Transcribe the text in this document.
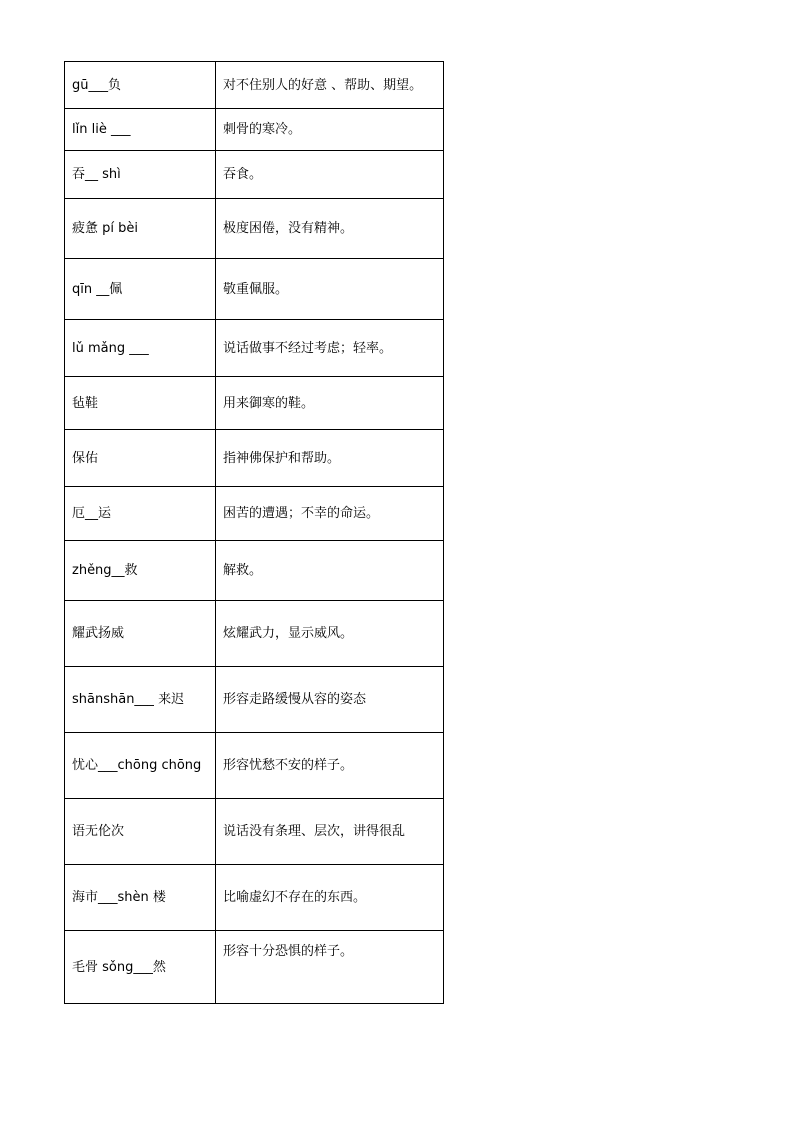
gū___负	对不住别人的好意 、帮助、期望。
lǐn liè ___	刺骨的寒冷。
吞__ shì	吞食。
疲惫 pí bèi	极度困倦，没有精神。
qīn __佩	敬重佩服。
lǔ mǎng ___	说话做事不经过考虑；轻率。
毡鞋	用来御寒的鞋。
保佑	指神佛保护和帮助。
厄__运	困苦的遭遇；不幸的命运。
zhěng__救	解救。
耀武扬威	炫耀武力，显示威风。
shānshān___ 来迟	形容走路缓慢从容的姿态
忧心___chōng chōng	形容忧愁不安的样子。
语无伦次	说话没有条理、层次，讲得很乱
海市___shèn 楼	比喻虚幻不存在的东西。
毛骨 sǒng___然	形容十分恐惧的样子。
